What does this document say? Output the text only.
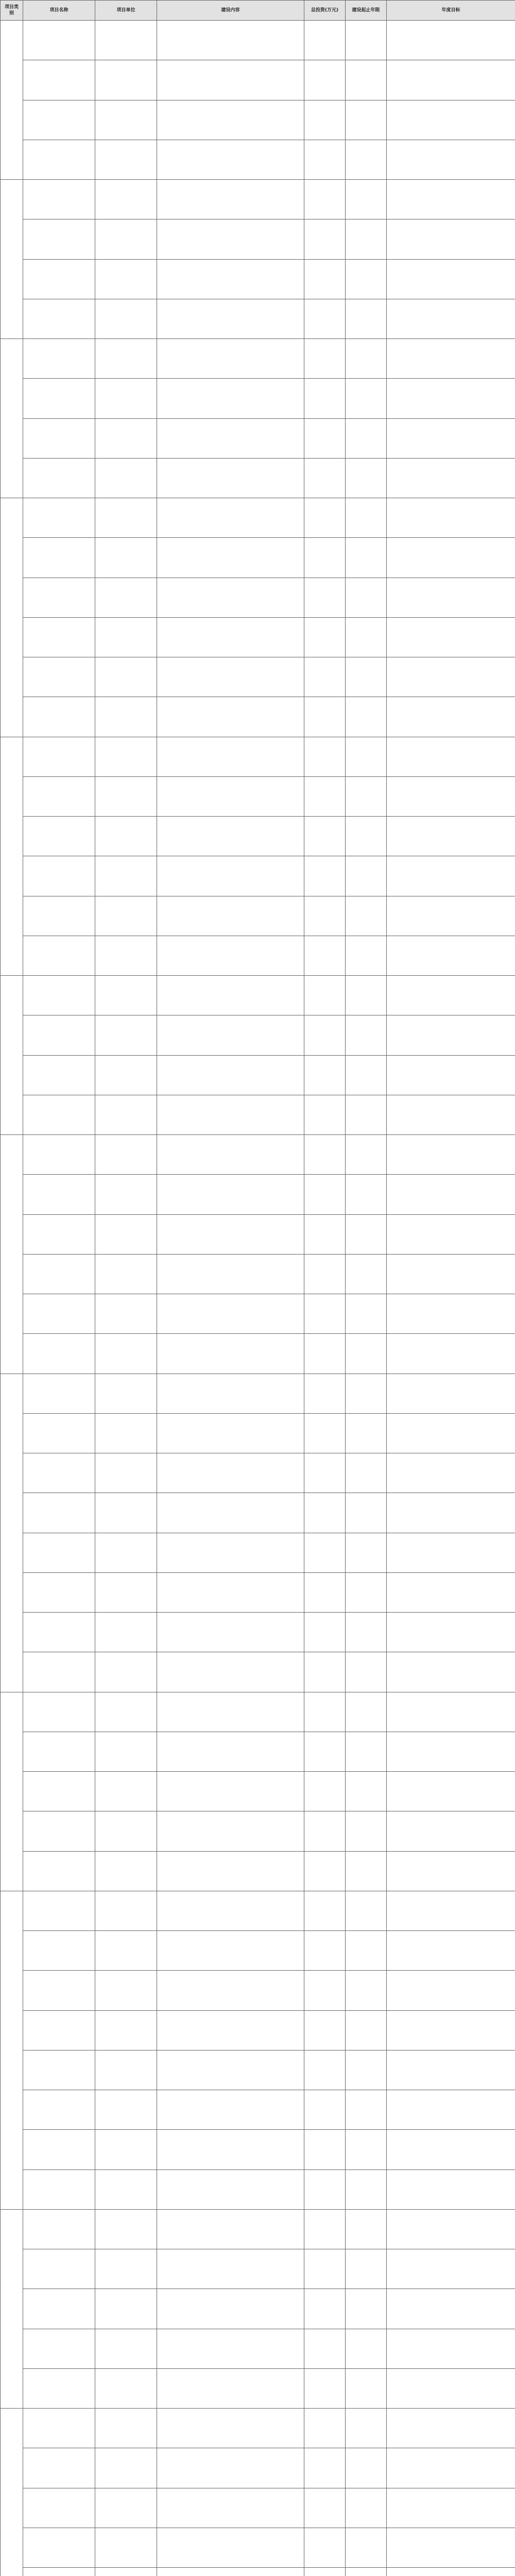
项目类别	项目名称	项目单位	建设内容	总投资(万元)	建设起止年限	年度目标
